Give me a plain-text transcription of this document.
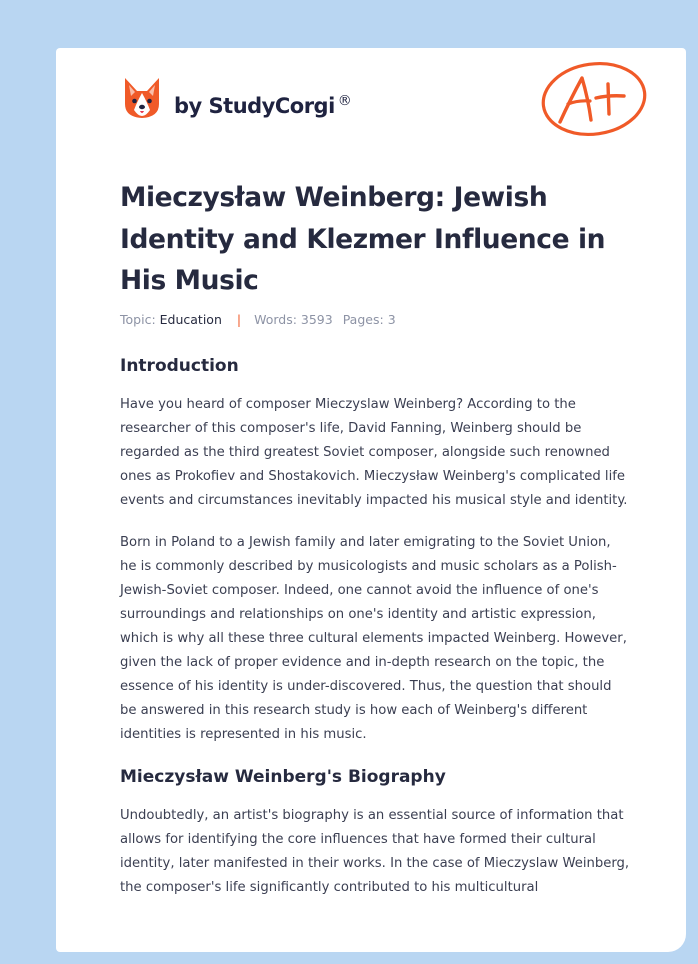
by StudyCorgi ®
Mieczysław Weinberg: Jewish Identity and Klezmer Influence in His Music
Topic: Education | Words: 3593 Pages: 3
Introduction

Have you heard of composer Mieczyslaw Weinberg? According to the researcher of this composer's life, David Fanning, Weinberg should be regarded as the third greatest Soviet composer, alongside such renowned ones as Prokofiev and Shostakovich. Mieczysław Weinberg's complicated life events and circumstances inevitably impacted his musical style and identity.

Born in Poland to a Jewish family and later emigrating to the Soviet Union, he is commonly described by musicologists and music scholars as a Polish-Jewish-Soviet composer. Indeed, one cannot avoid the influence of one's surroundings and relationships on one's identity and artistic expression, which is why all these three cultural elements impacted Weinberg. However, given the lack of proper evidence and in-depth research on the topic, the essence of his identity is under-discovered. Thus, the question that should be answered in this research study is how each of Weinberg's different identities is represented in his music.

Mieczysław Weinberg's Biography

Undoubtedly, an artist's biography is an essential source of information that allows for identifying the core influences that have formed their cultural identity, later manifested in their works. In the case of Mieczyslaw Weinberg, the composer's life significantly contributed to his multicultural
